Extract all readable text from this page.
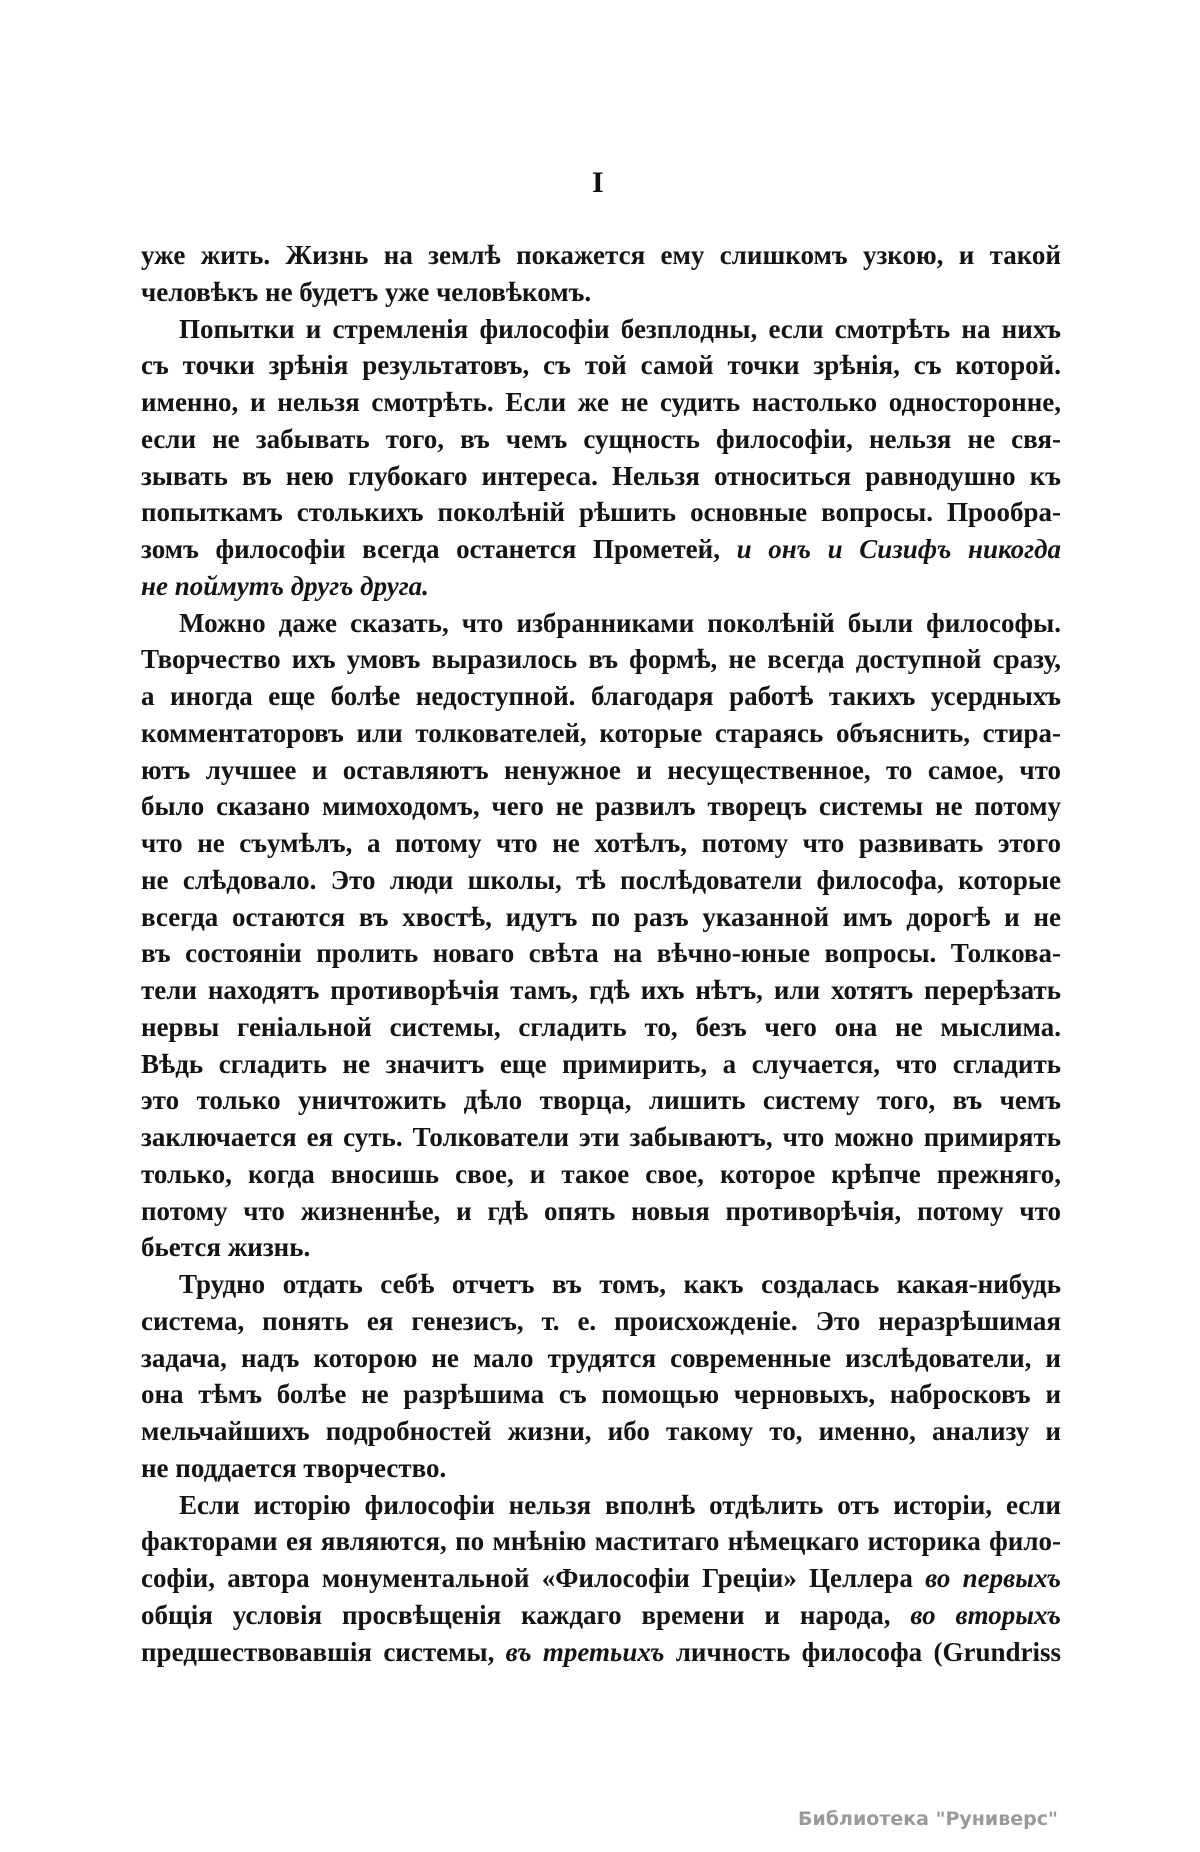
I
уже жить. Жизнь на землѣ покажется ему слишкомъ узкою, и такой
человѣкъ не будетъ уже человѣкомъ.
Попытки и стремленія философіи безплодны, если смотрѣть на нихъ
съ точки зрѣнія результатовъ, съ той самой точки зрѣнія, съ которой.
именно, и нельзя смотрѣть. Если же не судить настолько односторонне,
если не забывать того, въ чемъ сущность философіи, нельзя не свя-
зывать въ нею глубокаго интереса. Нельзя относиться равнодушно къ
попыткамъ столькихъ поколѣній рѣшить основные вопросы. Прообра-
зомъ философіи всегда останется Прометей, и онъ и Сизифъ никогда
не поймутъ другъ друга.
Можно даже сказать, что избранниками поколѣній были философы.
Творчество ихъ умовъ выразилось въ формѣ, не всегда доступной сразу,
а иногда еще болѣе недоступной. благодаря работѣ такихъ усердныхъ
комментаторовъ или толкователей, которые стараясь объяснить, стира-
ютъ лучшее и оставляютъ ненужное и несущественное, то самое, что
было сказано мимоходомъ, чего не развилъ творецъ системы не потому
что не съумѣлъ, а потому что не хотѣлъ, потому что развивать этого
не слѣдовало. Это люди школы, тѣ послѣдователи философа, которые
всегда остаются въ хвостѣ, идутъ по разъ указанной имъ дорогѣ и не
въ состояніи пролить новаго свѣта на вѣчно-юные вопросы. Толкова-
тели находятъ противорѣчія тамъ, гдѣ ихъ нѣтъ, или хотятъ перерѣзать
нервы геніальной системы, сгладить то, безъ чего она не мыслима.
Вѣдь сгладить не значитъ еще примирить, а случается, что сгладить
это только уничтожить дѣло творца, лишить систему того, въ чемъ
заключается ея суть. Толкователи эти забываютъ, что можно примирять
только, когда вносишь свое, и такое свое, которое крѣпче прежняго,
потому что жизненнѣе, и гдѣ опять новыя противорѣчія, потому что
бьется жизнь.
Трудно отдать себѣ отчетъ въ томъ, какъ создалась какая-нибудь
система, понять ея генезисъ, т. е. происхожденіе. Это неразрѣшимая
задача, надъ которою не мало трудятся современные изслѣдователи, и
она тѣмъ болѣе не разрѣшима съ помощью черновыхъ, набросковъ и
мельчайшихъ подробностей жизни, ибо такому то, именно, анализу и
не поддается творчество.
Если исторію философіи нельзя вполнѣ отдѣлить отъ исторіи, если
факторами ея являются, по мнѣнію маститаго нѣмецкаго историка фило-
софіи, автора монументальной «Философіи Греціи» Целлера во первыхъ
общія условія просвѣщенія каждаго времени и народа, во вторыхъ
предшествовавшія системы, въ третьихъ личность философа (Grundriss
Библиотека "Руниверс"
